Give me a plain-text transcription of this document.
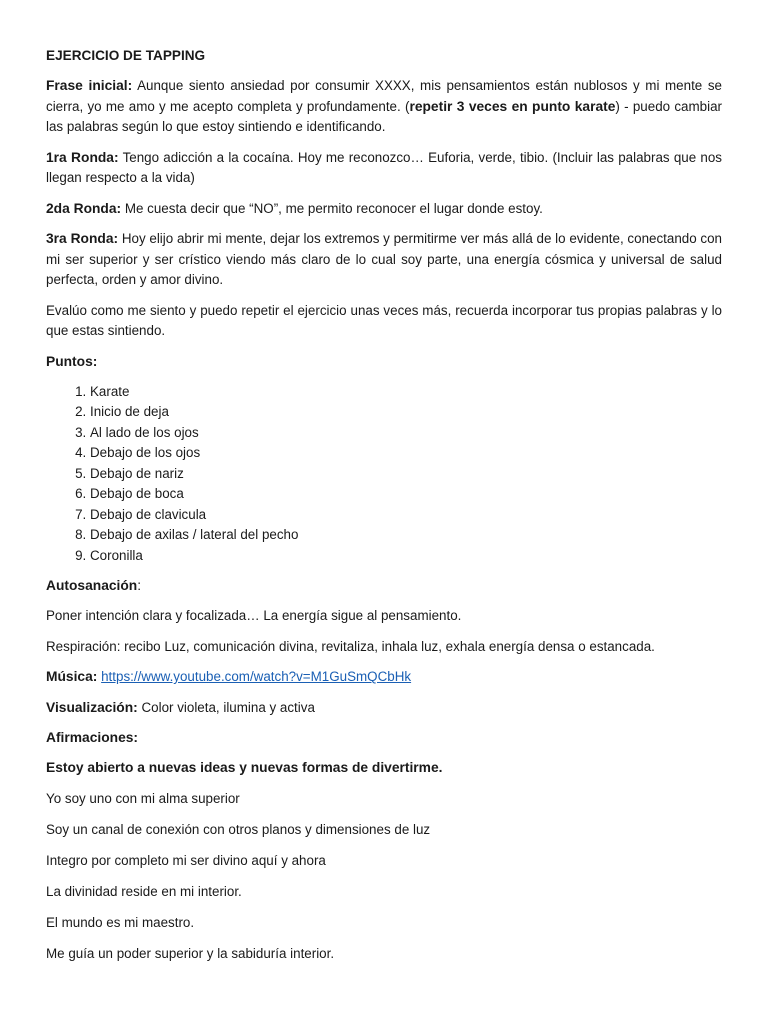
EJERCICIO DE TAPPING

Frase inicial: Aunque siento ansiedad por consumir XXXX, mis pensamientos están nublosos y mi mente se cierra, yo me amo y me acepto completa y profundamente. (repetir 3 veces en punto karate) - puedo cambiar las palabras según lo que estoy sintiendo e identificando.

1ra Ronda: Tengo adicción a la cocaína. Hoy me reconozco… Euforia, verde, tibio. (Incluir las palabras que nos llegan respecto a la vida)

2da Ronda: Me cuesta decir que “NO”, me permito reconocer el lugar donde estoy.

3ra Ronda: Hoy elijo abrir mi mente, dejar los extremos y permitirme ver más allá de lo evidente, conectando con mi ser superior y ser crístico viendo más claro de lo cual soy parte, una energía cósmica y universal de salud perfecta, orden y amor divino.

Evalúo como me siento y puedo repetir el ejercicio unas veces más, recuerda incorporar tus propias palabras y lo que estas sintiendo.

Puntos:
1. Karate
2. Inicio de deja
3. Al lado de los ojos
4. Debajo de los ojos
5. Debajo de nariz
6. Debajo de boca
7. Debajo de clavicula
8. Debajo de axilas / lateral del pecho
9. Coronilla
Autosanación:

Poner intención clara y focalizada… La energía sigue al pensamiento.

Respiración: recibo Luz, comunicación divina, revitaliza, inhala luz, exhala energía densa o estancada.

Música: https://www.youtube.com/watch?v=M1GuSmQCbHk

Visualización: Color violeta, ilumina y activa

Afirmaciones:
Estoy abierto a nuevas ideas y nuevas formas de divertirme.
Yo soy uno con mi alma superior
Soy un canal de conexión con otros planos y dimensiones de luz
Integro por completo mi ser divino aquí y ahora
La divinidad reside en mi interior.
El mundo es mi maestro.
Me guía un poder superior y la sabiduría interior.
